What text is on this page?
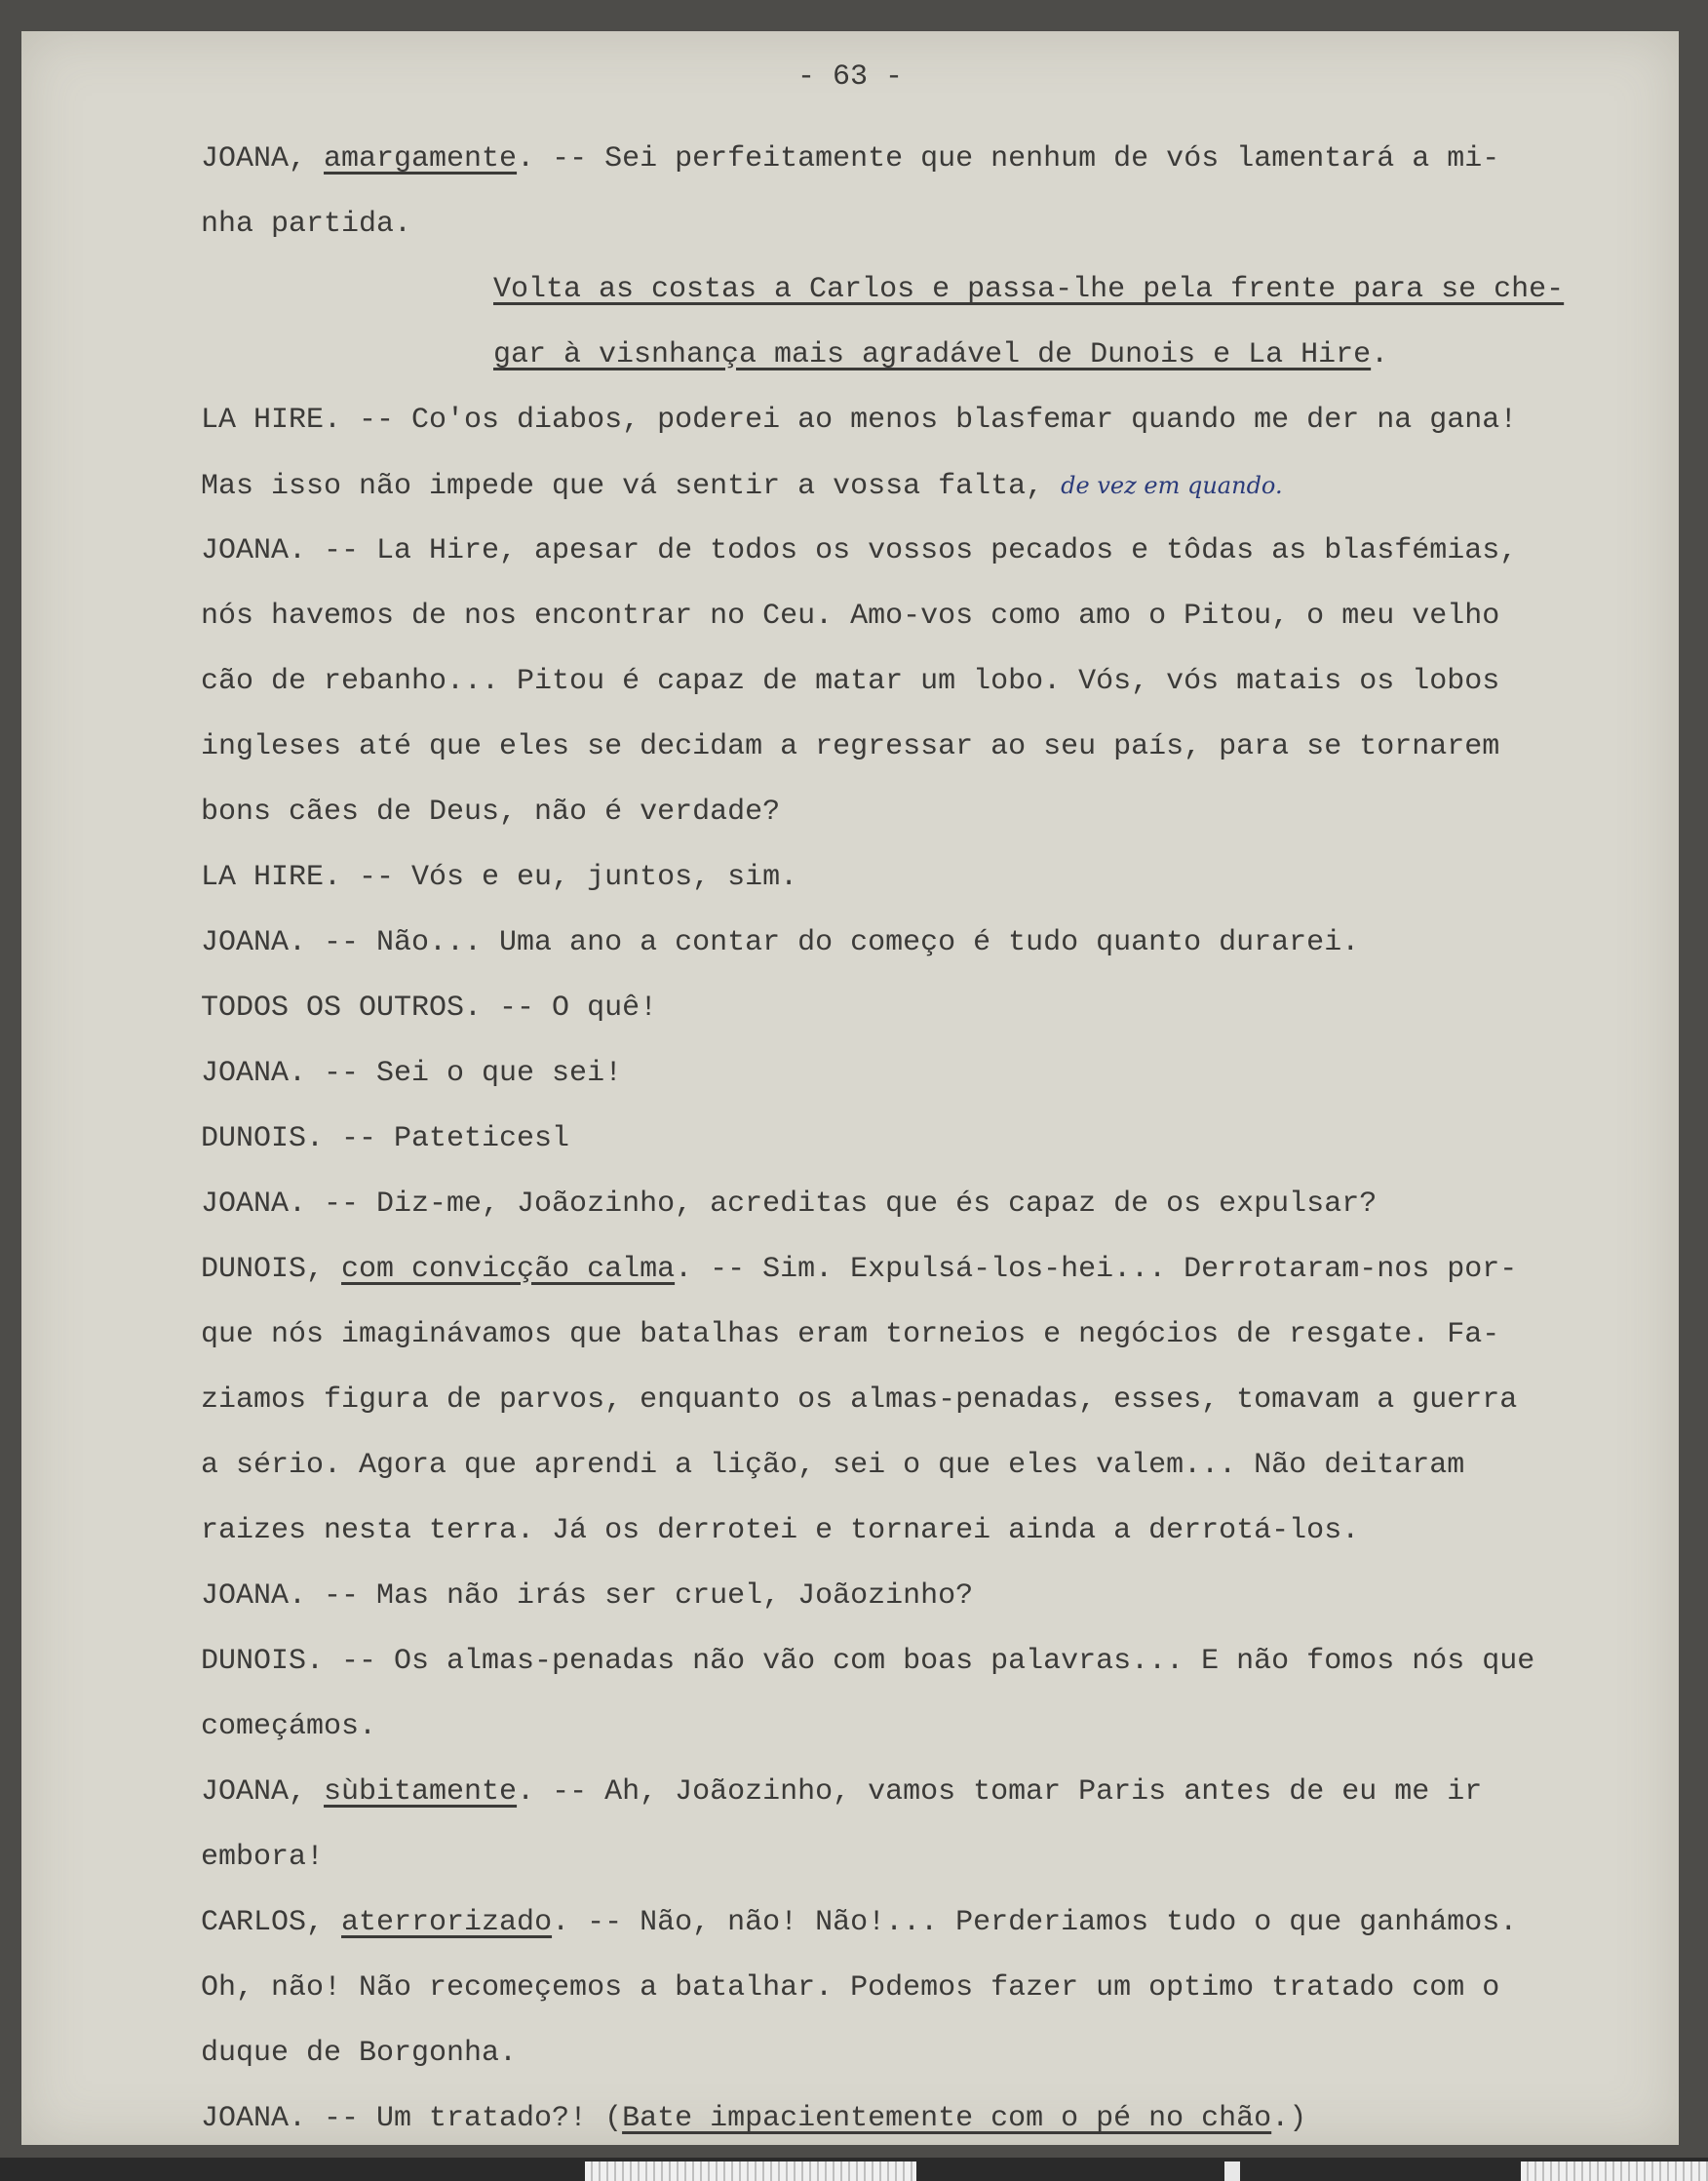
- 63 -
JOANA, amargamente. -- Sei perfeitamente que nenhum de vós lamentará a mi-
nha partida.
Volta as costas a Carlos e passa-lhe pela frente para se che-
gar à visnhança mais agradável de Dunois e La Hire.
LA HIRE. -- Co'os diabos, poderei ao menos blasfemar quando me der na gana!
Mas isso não impede que vá sentir a vossa falta, de vez em quando.
JOANA. -- La Hire, apesar de todos os vossos pecados e tôdas as blasfémias,
nós havemos de nos encontrar no Ceu. Amo-vos como amo o Pitou, o meu velho
cão de rebanho... Pitou é capaz de matar um lobo. Vós, vós matais os lobos
ingleses até que eles se decidam a regressar ao seu país, para se tornarem
bons cães de Deus, não é verdade?
LA HIRE. -- Vós e eu, juntos, sim.
JOANA. -- Não... Uma ano a contar do começo é tudo quanto durarei.
TODOS OS OUTROS. -- O quê!
JOANA. -- Sei o que sei!
DUNOIS. -- Pateticesl
JOANA. -- Diz-me, Joãozinho, acreditas que és capaz de os expulsar?
DUNOIS, com convicção calma. -- Sim. Expulsá-los-hei... Derrotaram-nos por-
que nós imaginávamos que batalhas eram torneios e negócios de resgate. Fa-
ziamos figura de parvos, enquanto os almas-penadas, esses, tomavam a guerra
a sério. Agora que aprendi a lição, sei o que eles valem... Não deitaram
raizes nesta terra. Já os derrotei e tornarei ainda a derrotá-los.
JOANA. -- Mas não irás ser cruel, Joãozinho?
DUNOIS. -- Os almas-penadas não vão com boas palavras... E não fomos nós que
começámos.
JOANA, sùbitamente. -- Ah, Joãozinho, vamos tomar Paris antes de eu me ir
embora!
CARLOS, aterrorizado. -- Não, não! Não!... Perderiamos tudo o que ganhámos.
Oh, não! Não recomeçemos a batalhar. Podemos fazer um optimo tratado com o
duque de Borgonha.
JOANA. -- Um tratado?! (Bate impacientemente com o pé no chão.)
